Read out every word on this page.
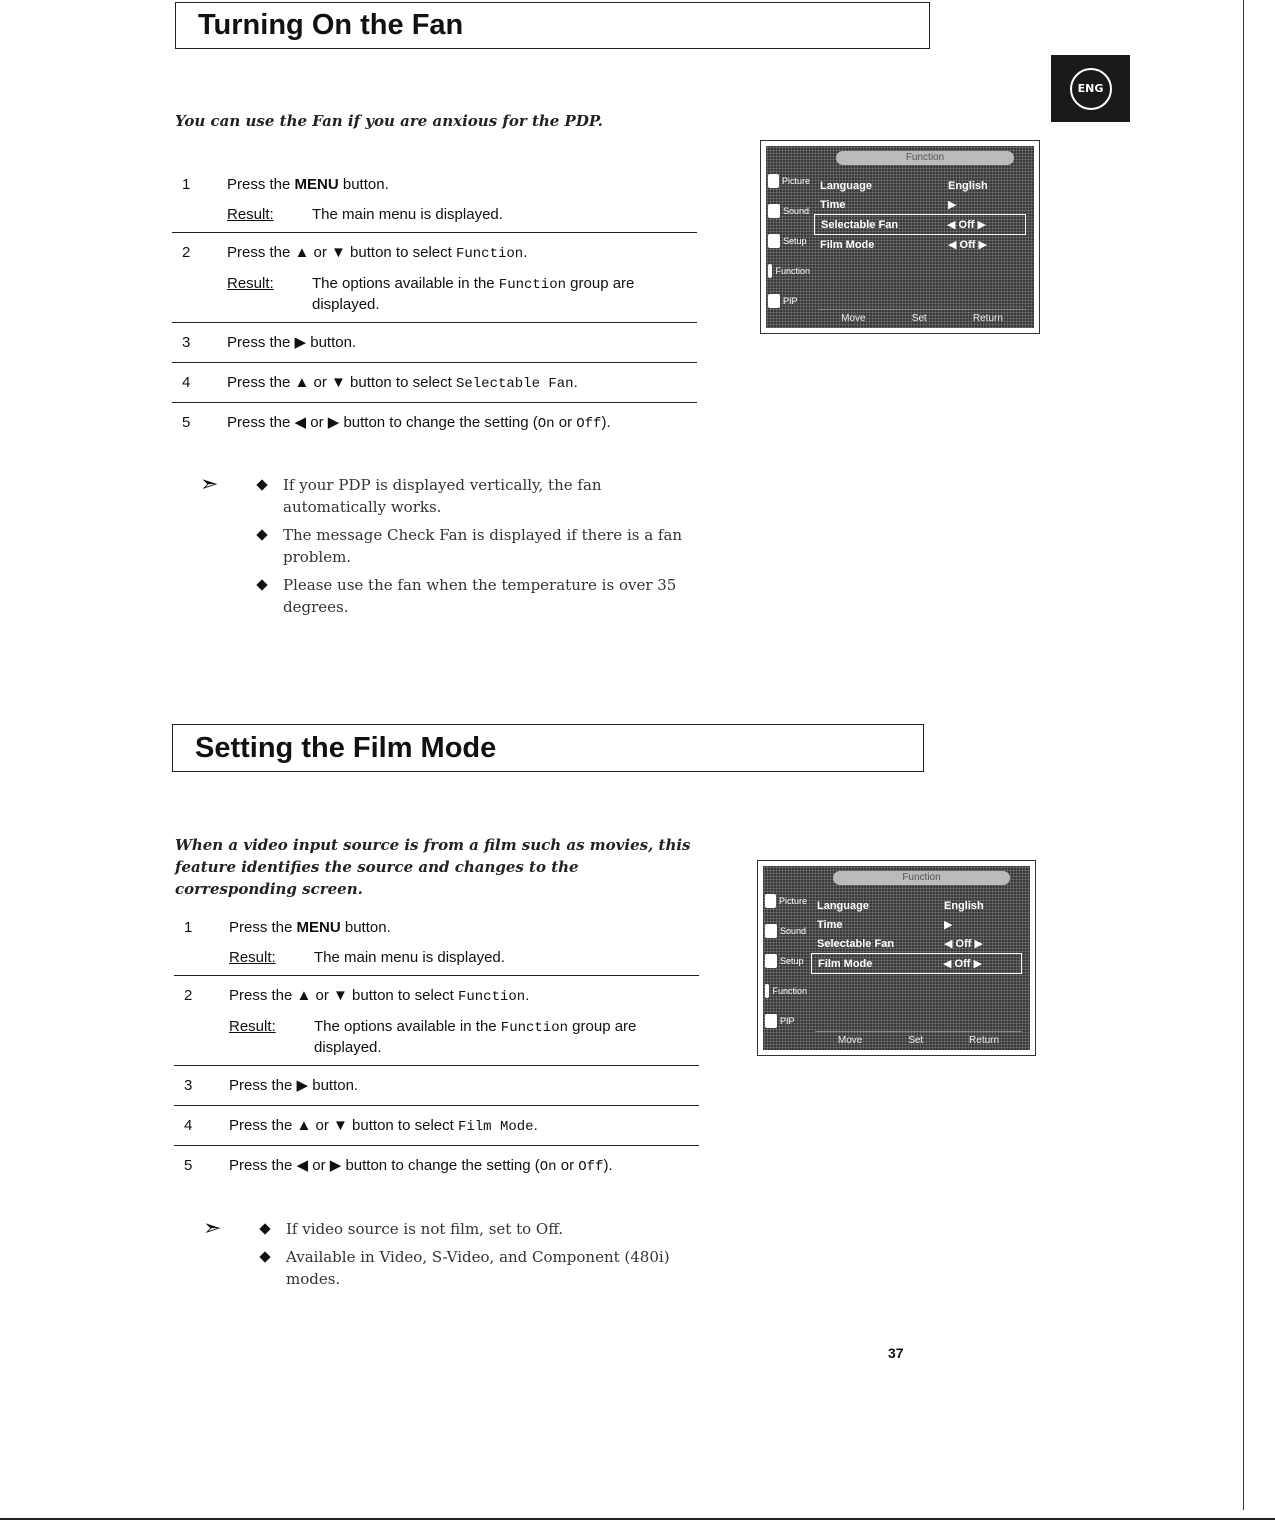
ENG
Turning On the Fan
You can use the Fan if you are anxious for the PDP.
1 Press the MENU button.
Result:	The main menu is displayed.
2 Press the ▲ or ▼ button to select Function.
Result:	The options available in the Function group are displayed.
3 Press the ▶ button.
4 Press the ▲ or ▼ button to select Selectable Fan.
5 Press the ◀ or ▶ button to change the setting (On or Off).
➣	If your PDP is displayed vertically, the fan automatically works.
The message Check Fan is displayed if there is a fan problem.
Please use the fan when the temperature is over 35 degrees.
Function
Picture
Sound
Setup
Function
PIP
Language	English
Time	▶
Selectable Fan	◀ Off ▶
Film Mode	◀ Off ▶
Move	Set	Return
Setting the Film Mode
When a video input source is from a film such as movies, this feature identifies the source and changes to the corresponding screen.
1 Press the MENU button.
Result:	The main menu is displayed.
2 Press the ▲ or ▼ button to select Function.
Result:	The options available in the Function group are displayed.
3 Press the ▶ button.
4 Press the ▲ or ▼ button to select Film Mode.
5 Press the ◀ or ▶ button to change the setting (On or Off).
➣	If video source is not film, set to Off.
Available in Video, S-Video, and Component (480i) modes.
Function
Picture
Sound
Setup
Function
PIP
Language	English
Time	▶
Selectable Fan	◀ Off ▶
Film Mode	◀ Off ▶
Move	Set	Return
37
